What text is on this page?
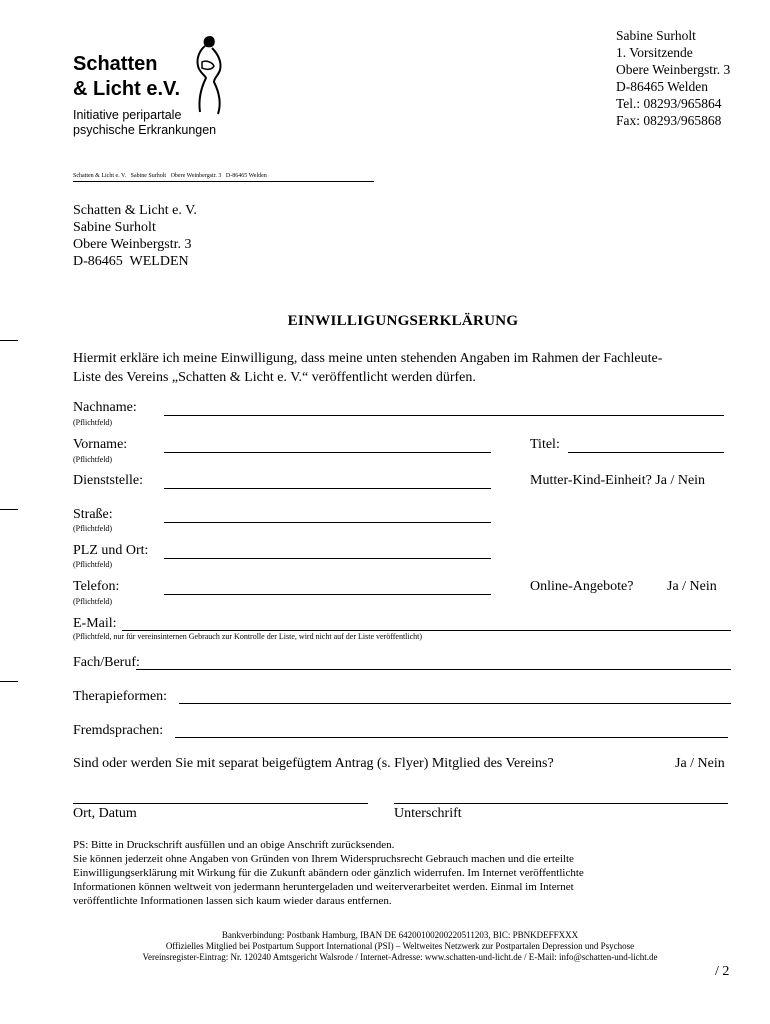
Schatten
& Licht e.V.
Initiative peripartale
psychische Erkrankungen
Sabine Surholt
1. Vorsitzende
Obere Weinbergstr. 3
D-86465 Welden
Tel.: 08293/965864
Fax: 08293/965868
Schatten & Licht e. V.   Sabine Surholt   Obere Weinbergstr. 3   D-86465 Welden
Schatten & Licht e. V.
Sabine Surholt
Obere Weinbergstr. 3
D-86465  WELDEN
EINWILLIGUNGSERKLÄRUNG
Hiermit erkläre ich meine Einwilligung, dass meine unten stehenden Angaben im Rahmen der Fachleute-
Liste des Vereins „Schatten & Licht e. V.“ veröffentlicht werden dürfen.
Nachname:
(Pflichtfeld)
Vorname:
(Pflichtfeld)
Titel:
Dienststelle:	Mutter-Kind-Einheit? Ja / Nein
Straße:
(Pflichtfeld)
PLZ und Ort:
(Pflichtfeld)
Telefon:
(Pflichtfeld)
Online-Angebote? Ja / Nein
E-Mail:
(Pflichtfeld, nur für vereinsinternen Gebrauch zur Kontrolle der Liste, wird nicht auf der Liste veröffentlicht)
Fach/Beruf:
Therapieformen:
Fremdsprachen:
Sind oder werden Sie mit separat beigefügtem Antrag (s. Flyer) Mitglied des Vereins?	Ja / Nein
Ort, Datum	Unterschrift
PS: Bitte in Druckschrift ausfüllen und an obige Anschrift zurücksenden.
Sie können jederzeit ohne Angaben von Gründen von Ihrem Widerspruchsrecht Gebrauch machen und die erteilte
Einwilligungserklärung mit Wirkung für die Zukunft abändern oder gänzlich widerrufen. Im Internet veröffentlichte
Informationen können weltweit von jedermann heruntergeladen und weiterverarbeitet werden. Einmal im Internet
veröffentlichte Informationen lassen sich kaum wieder daraus entfernen.
Bankverbindung: Postbank Hamburg, IBAN DE 64200100200220511203, BIC: PBNKDEFFXXX
Offizielles Mitglied bei Postpartum Support International (PSI) – Weltweites Netzwerk zur Postpartalen Depression und Psychose
Vereinsregister-Eintrag: Nr. 120240 Amtsgericht Walsrode / Internet-Adresse: www.schatten-und-licht.de / E-Mail: info@schatten-und-licht.de
/ 2
